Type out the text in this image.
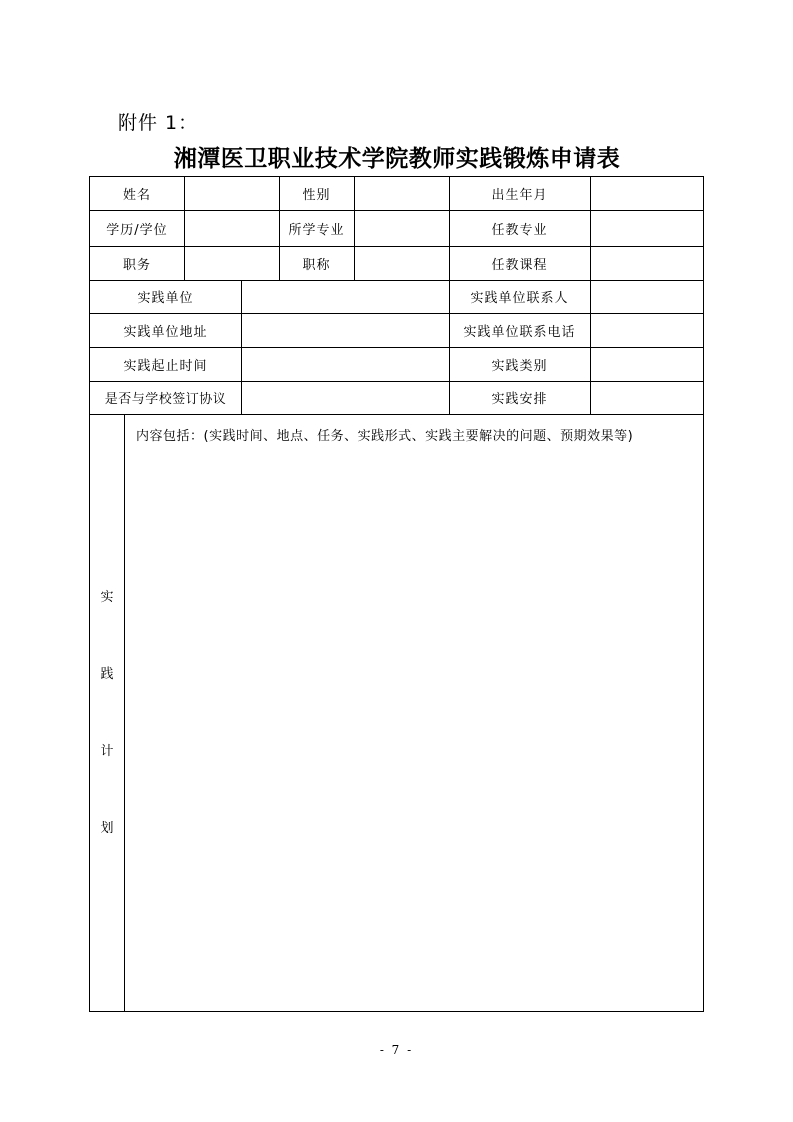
附件 1：
湘潭医卫职业技术学院教师实践锻炼申请表
姓名	性别	出生年月
学历/学位	所学专业	任教专业
职务	职称	任教课程
实践单位	实践单位联系人
实践单位地址	实践单位联系电话
实践起止时间	实践类别
是否与学校签订协议	实践安排
实
践
计
划
内容包括：(实践时间、地点、任务、实践形式、实践主要解决的问题、预期效果等)
- 7 -
